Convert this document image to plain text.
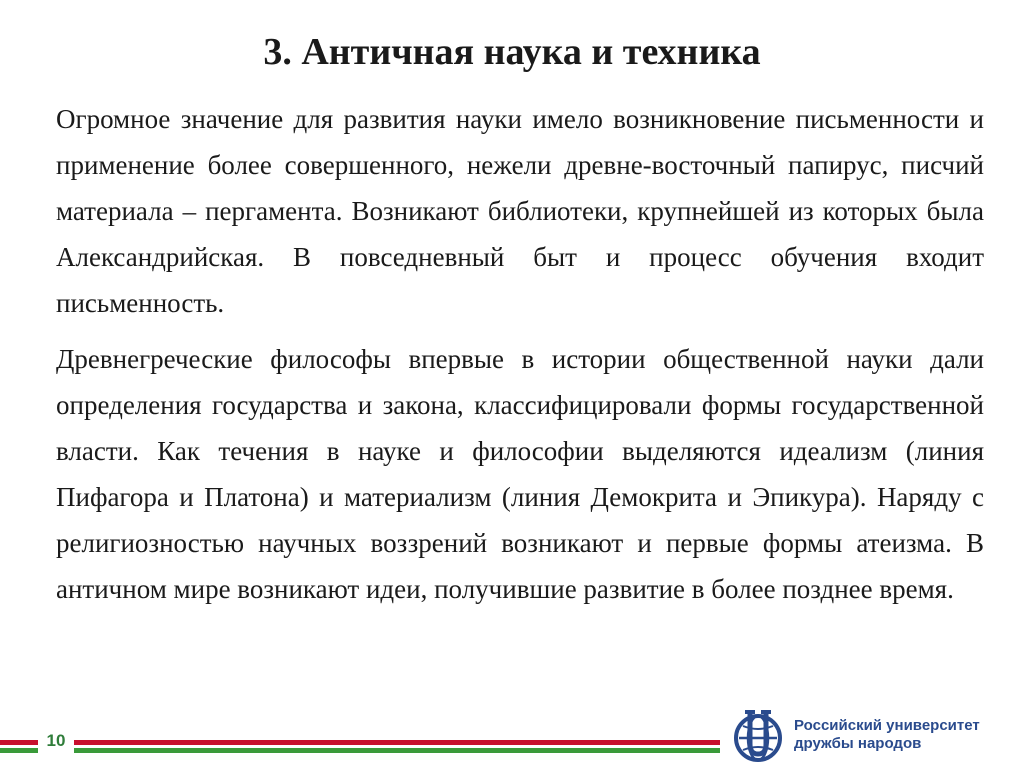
3. Античная наука и техника

Огромное значение для развития науки имело возникновение письменности и применение более совершенного, нежели древне-восточный папирус, писчий материала – пергамента. Возникают библиотеки, крупнейшей из которых была Александрийская. В повседневный быт и процесс обучения входит письменность.

Древнегреческие философы впервые в истории общественной науки дали определения государства и закона, классифицировали формы государственной власти. Как течения в науке и философии выделяются идеализм (линия Пифагора и Платона) и материализм (линия Демокрита и Эпикура). Наряду с религиозностью научных воззрений возникают и первые формы атеизма. В античном мире возникают идеи, получившие развитие в более позднее время.

10
Российский университет
дружбы народов
